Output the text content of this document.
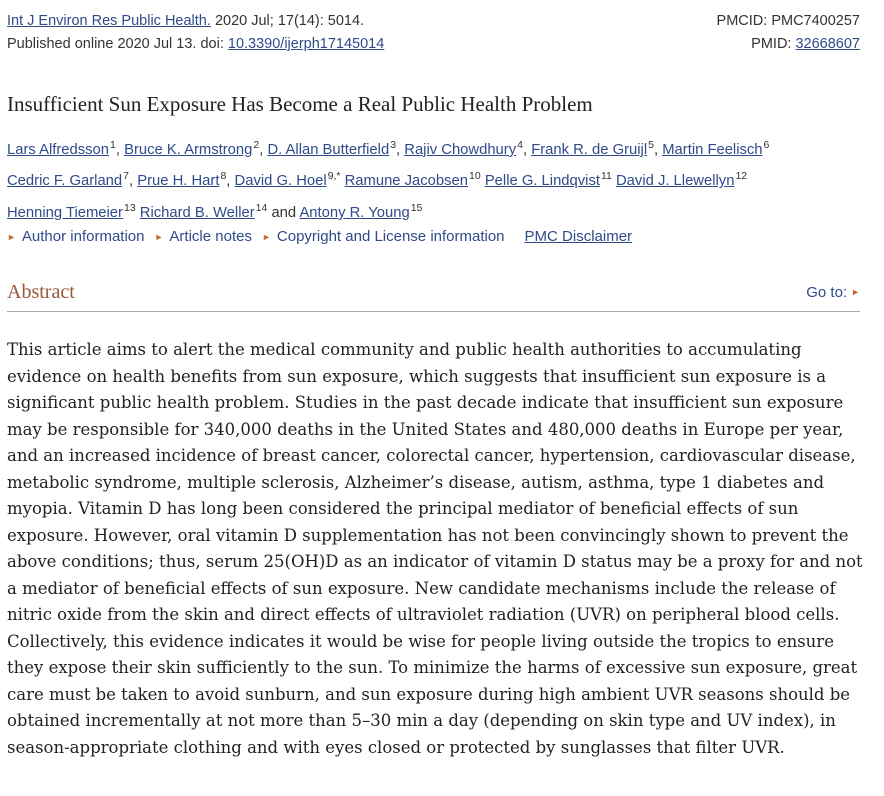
Int J Environ Res Public Health. 2020 Jul; 17(14): 5014.	PMCID: PMC7400257
Published online 2020 Jul 13. doi: 10.3390/ijerph17145014	PMID: 32668607
Insufficient Sun Exposure Has Become a Real Public Health Problem
Lars Alfredsson$^1$, Bruce K. Armstrong$^2$, D. Allan Butterfield$^3$, Rajiv Chowdhury$^4$, Frank R. de Gruijl$^5$, Martin Feelisch$^6$
Cedric F. Garland$^7$, Prue H. Hart$^8$, David G. Hoel$^{9,*}$ Ramune Jacobsen$^{10}$ Pelle G. Lindqvist$^{11}$ David J. Llewellyn$^{12}$
Henning Tiemeier$^{13}$ Richard B. Weller$^{14}$ and Antony R. Young$^{15}$
► Author information ► Article notes ► Copyright and License information PMC Disclaimer
Abstract	Go to: ►

This article aims to alert the medical community and public health authorities to accumulating evidence on health benefits from sun exposure, which suggests that insufficient sun exposure is a significant public health problem. Studies in the past decade indicate that insufficient sun exposure may be responsible for 340,000 deaths in the United States and 480,000 deaths in Europe per year, and an increased incidence of breast cancer, colorectal cancer, hypertension, cardiovascular disease, metabolic syndrome, multiple sclerosis, Alzheimer’s disease, autism, asthma, type 1 diabetes and myopia. Vitamin D has long been considered the principal mediator of beneficial effects of sun exposure. However, oral vitamin D supplementation has not been convincingly shown to prevent the above conditions; thus, serum 25(OH)D as an indicator of vitamin D status may be a proxy for and not a mediator of beneficial effects of sun exposure. New candidate mechanisms include the release of nitric oxide from the skin and direct effects of ultraviolet radiation (UVR) on peripheral blood cells. Collectively, this evidence indicates it would be wise for people living outside the tropics to ensure they expose their skin sufficiently to the sun. To minimize the harms of excessive sun exposure, great care must be taken to avoid sunburn, and sun exposure during high ambient UVR seasons should be obtained incrementally at not more than 5–30 min a day (depending on skin type and UV index), in season-appropriate clothing and with eyes closed or protected by sunglasses that filter UVR.
